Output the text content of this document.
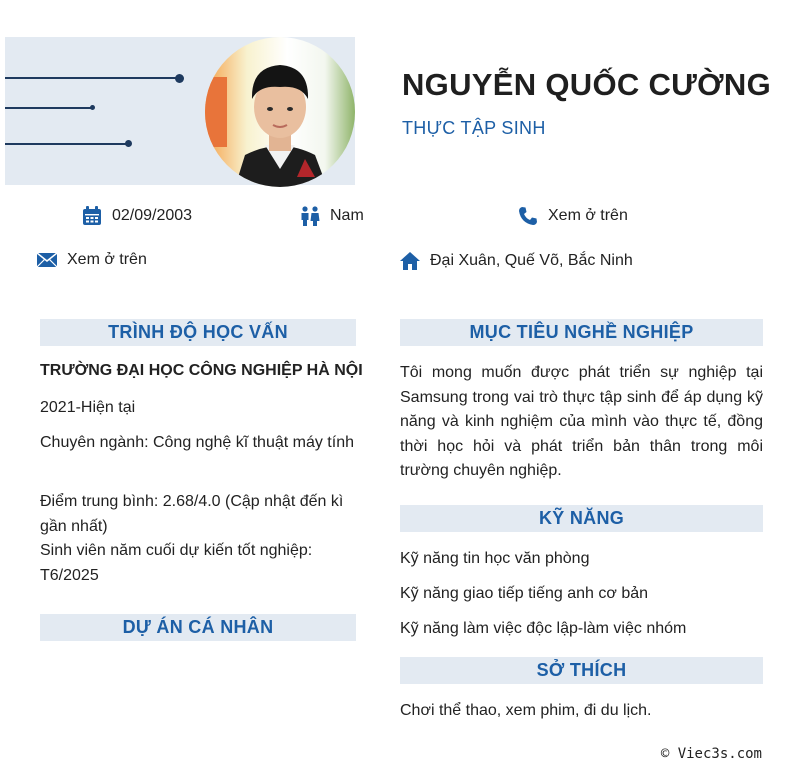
NGUYỄN QUỐC CƯỜNG
THỰC TẬP SINH
02/09/2003	Nam	Xem ở trên
Xem ở trên	Đại Xuân, Quế Võ, Bắc Ninh
TRÌNH ĐỘ HỌC VẤN
TRƯỜNG ĐẠI HỌC CÔNG NGHIỆP HÀ NỘI
2021-Hiện tại
Chuyên ngành: Công nghệ kĩ thuật máy tính
Điểm trung bình: 2.68/4.0 (Cập nhật đến kì gần nhất)
Sinh viên năm cuối dự kiến tốt nghiệp: T6/2025
DỰ ÁN CÁ NHÂN
MỤC TIÊU NGHỀ NGHIỆP
Tôi mong muốn được phát triển sự nghiệp tại Samsung trong vai trò thực tập sinh để áp dụng kỹ năng và kinh nghiệm của mình vào thực tế, đồng thời học hỏi và phát triển bản thân trong môi trường chuyên nghiệp.
KỸ NĂNG
Kỹ năng tin học văn phòng
Kỹ năng giao tiếp tiếng anh cơ bản
Kỹ năng làm việc độc lập-làm việc nhóm
SỞ THÍCH
Chơi thể thao, xem phim, đi du lịch.
© Viec3s.com
